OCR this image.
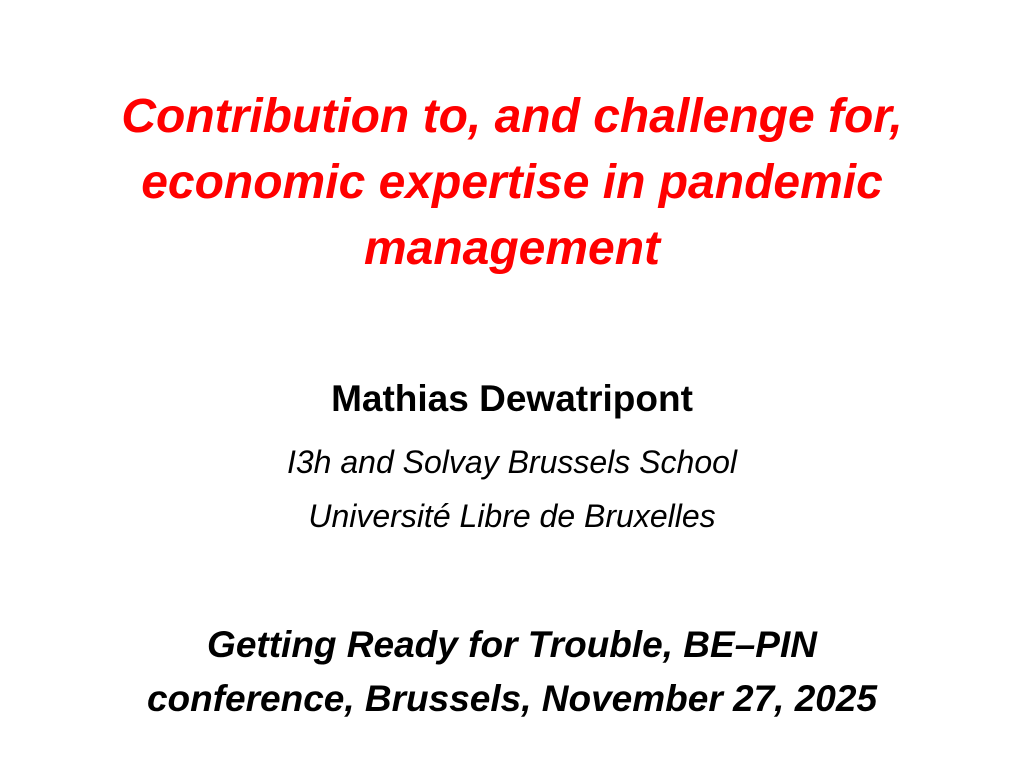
Contribution to, and challenge for,
economic expertise in pandemic
management

Mathias Dewatripont

I3h and Solvay Brussels School

Université Libre de Bruxelles

Getting Ready for Trouble, BE–PIN
conference, Brussels, November 27, 2025
